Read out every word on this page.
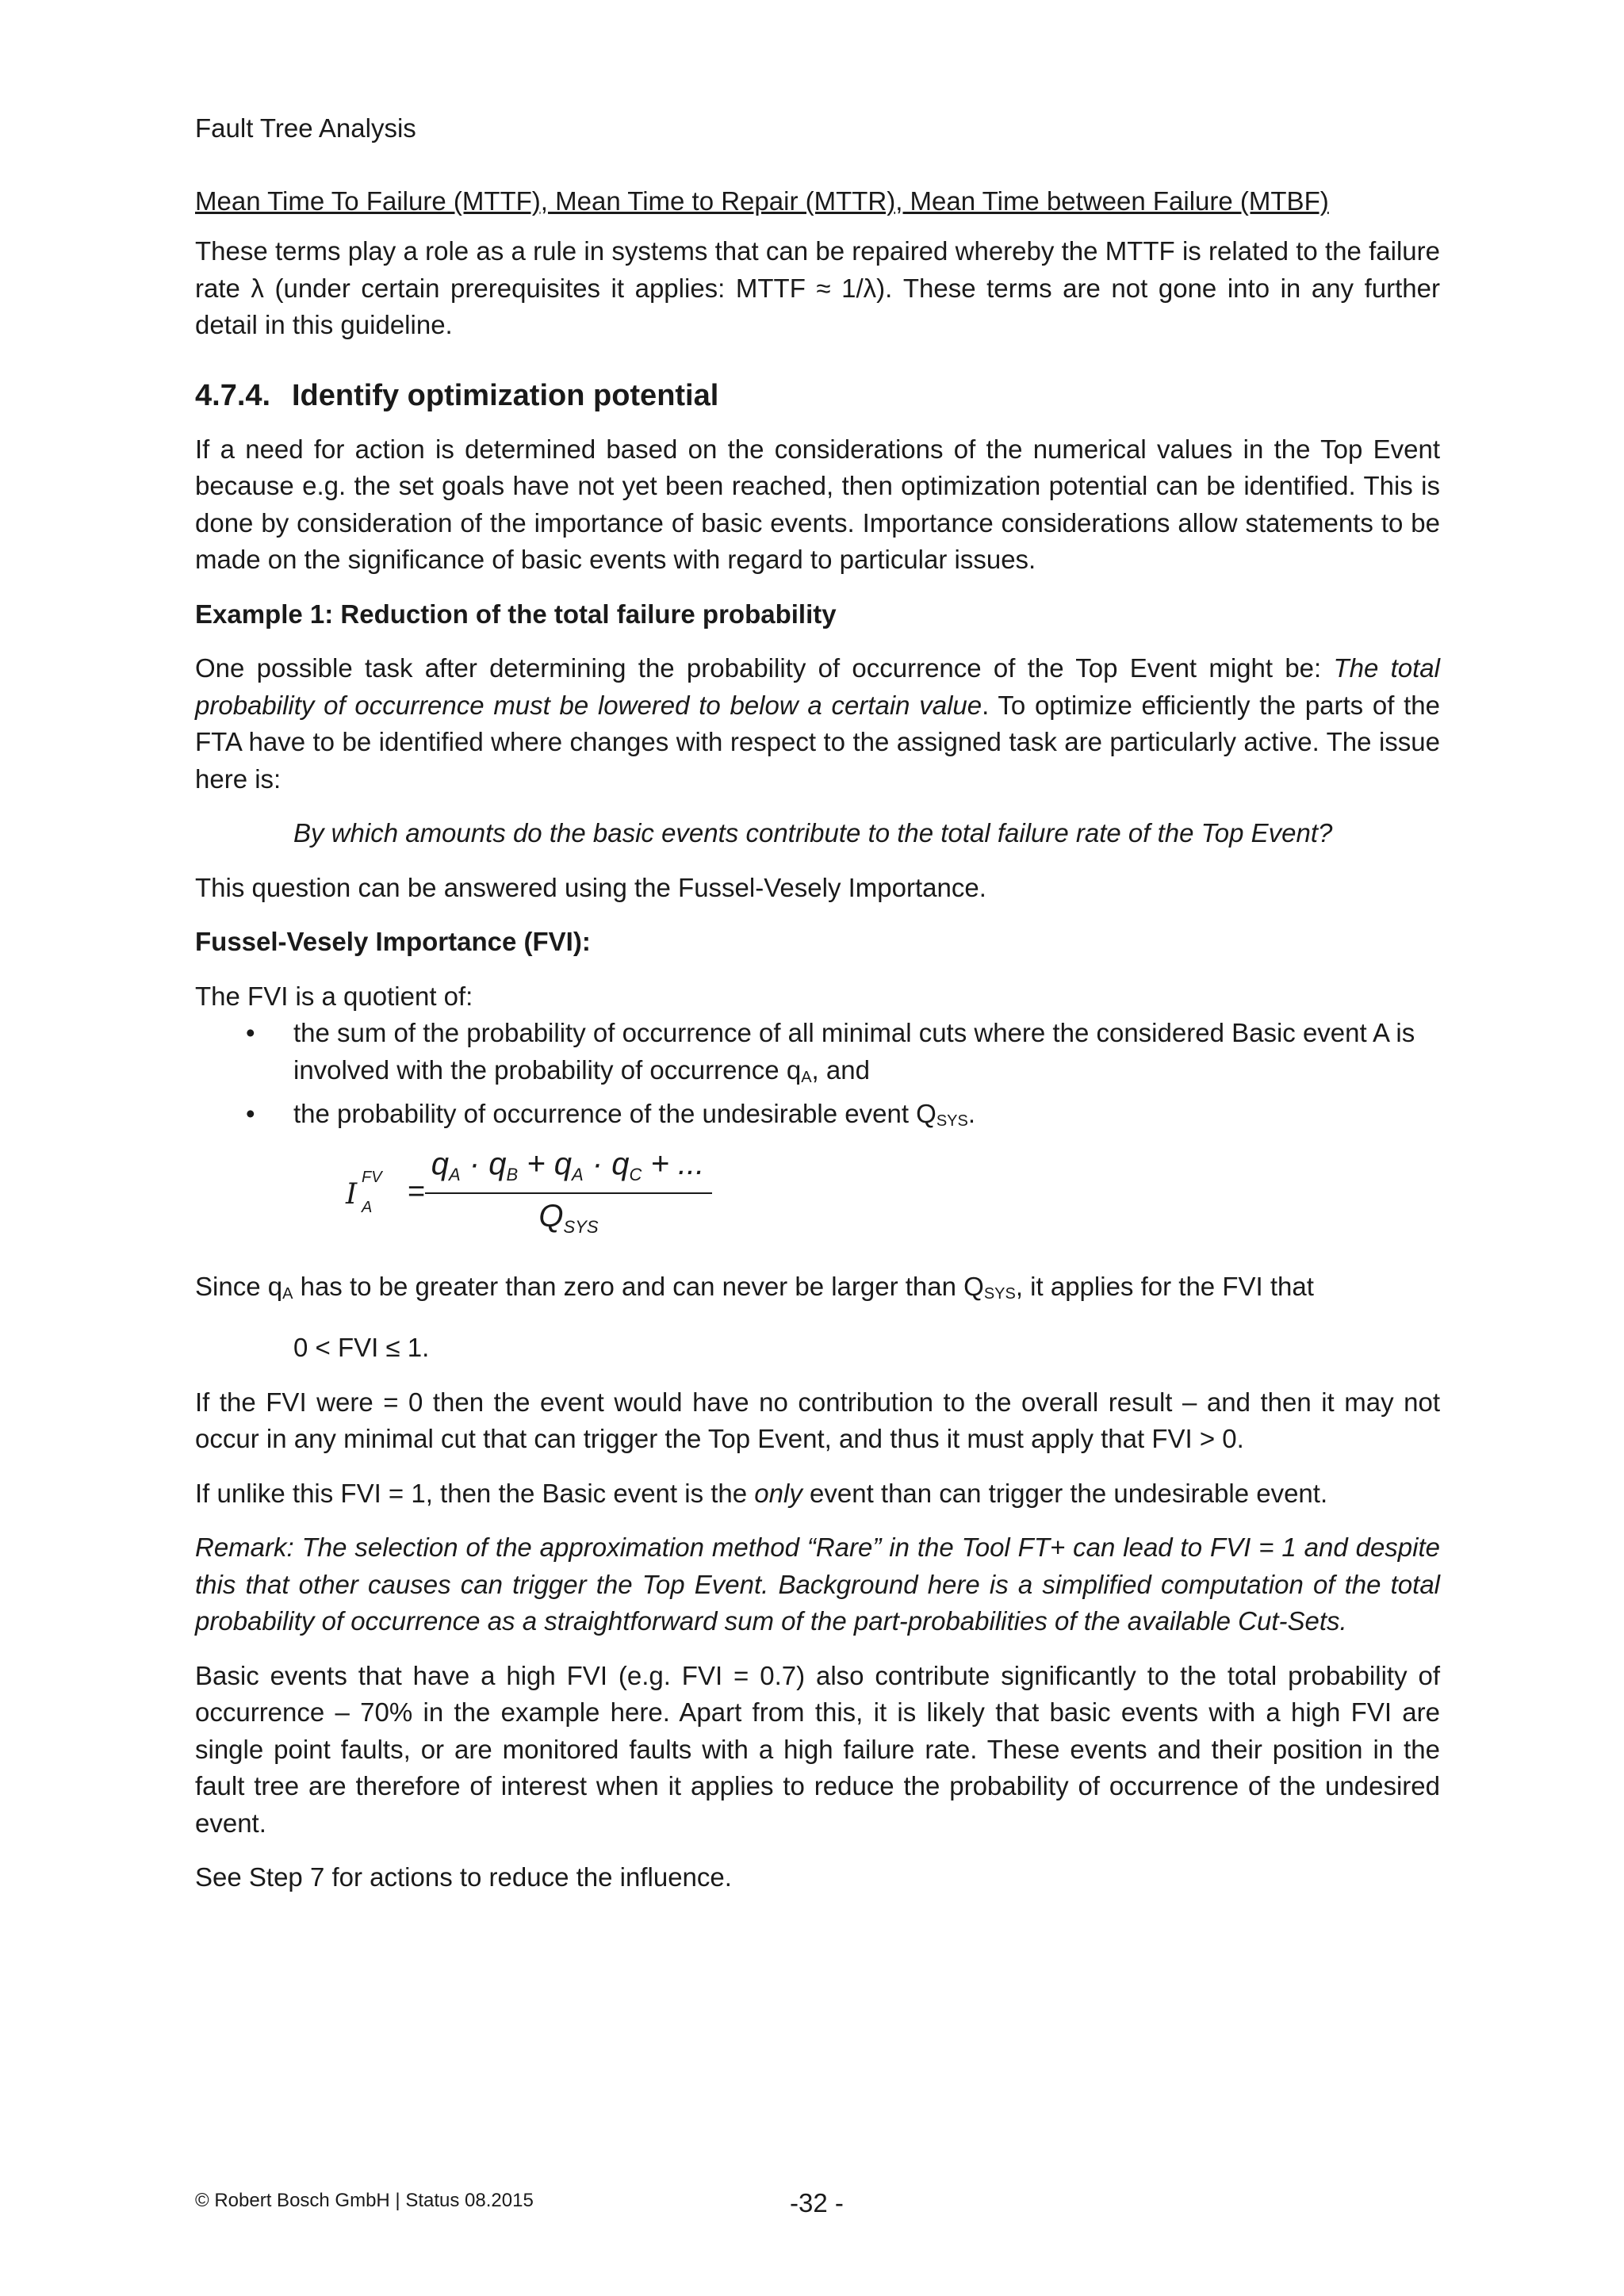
Fault Tree Analysis
Mean Time To Failure (MTTF), Mean Time to Repair (MTTR), Mean Time between Failure (MTBF)

These terms play a role as a rule in systems that can be repaired whereby the MTTF is related to the failure rate λ (under certain prerequisites it applies: MTTF ≈ 1/λ). These terms are not gone into in any further detail in this guideline.

4.7.4. Identify optimization potential

If a need for action is determined based on the considerations of the numerical values in the Top Event because e.g. the set goals have not yet been reached, then optimization potential can be identified. This is done by consideration of the importance of basic events. Importance considerations allow statements to be made on the significance of basic events with regard to particular issues.

Example 1: Reduction of the total failure probability

One possible task after determining the probability of occurrence of the Top Event might be: The total probability of occurrence must be lowered to below a certain value. To optimize efficiently the parts of the FTA have to be identified where changes with respect to the assigned task are particularly active. The issue here is:

By which amounts do the basic events contribute to the total failure rate of the Top Event?

This question can be answered using the Fussel-Vesely Importance.

Fussel-Vesely Importance (FVI):

The FVI is a quotient of:

• the sum of the probability of occurrence of all minimal cuts where the considered Basic event A is involved with the probability of occurrence $q_A$, and
• the probability of occurrence of the undesirable event $Q_{SYS}$.
I
FV
A =
$q_A \cdot q_B + q_A \cdot q_C$ + ...
$Q_{SYS}$

Since $q_A$ has to be greater than zero and can never be larger than $Q_{SYS}$, it applies for the FVI that

0 < FVI ≤ 1.

If the FVI were = 0 then the event would have no contribution to the overall result – and then it may not occur in any minimal cut that can trigger the Top Event, and thus it must apply that FVI > 0.

If unlike this FVI = 1, then the Basic event is the only event than can trigger the undesirable event.

Remark: The selection of the approximation method “Rare” in the Tool FT+ can lead to FVI = 1 and despite this that other causes can trigger the Top Event. Background here is a simplified computation of the total probability of occurrence as a straightforward sum of the part-probabilities of the available Cut-Sets.

Basic events that have a high FVI (e.g. FVI = 0.7) also contribute significantly to the total probability of occurrence – 70% in the example here. Apart from this, it is likely that basic events with a high FVI are single point faults, or are monitored faults with a high failure rate. These events and their position in the fault tree are therefore of interest when it applies to reduce the probability of occurrence of the undesired event.

See Step 7 for actions to reduce the influence.

© Robert Bosch GmbH | Status 08.2015	-32 -
